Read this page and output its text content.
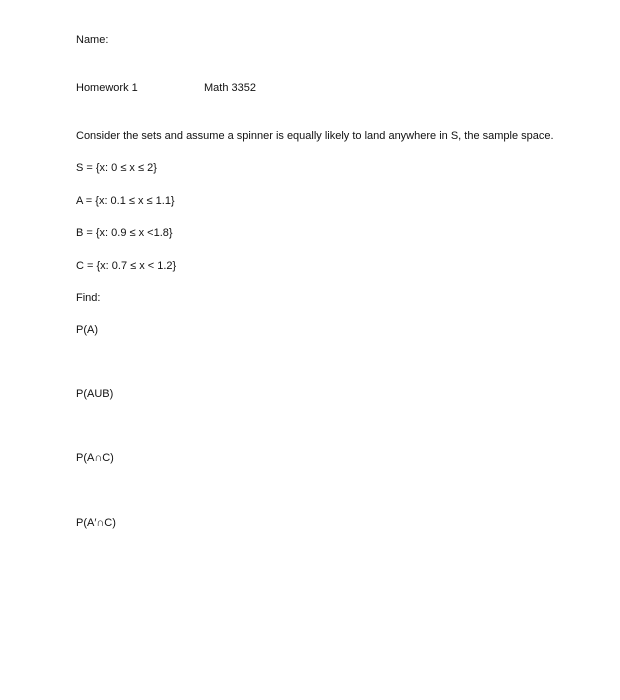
Name:
Homework 1	Math 3352
Consider the sets and assume a spinner is equally likely to land anywhere in S, the sample space.
S = {x: 0 ≤ x ≤ 2}
A = {x: 0.1 ≤ x ≤ 1.1}
B = {x: 0.9 ≤ x <1.8}
C = {x: 0.7 ≤ x < 1.2}
Find:
P(A)
P(AUB)
P(A∩C)
P(A′∩C)
